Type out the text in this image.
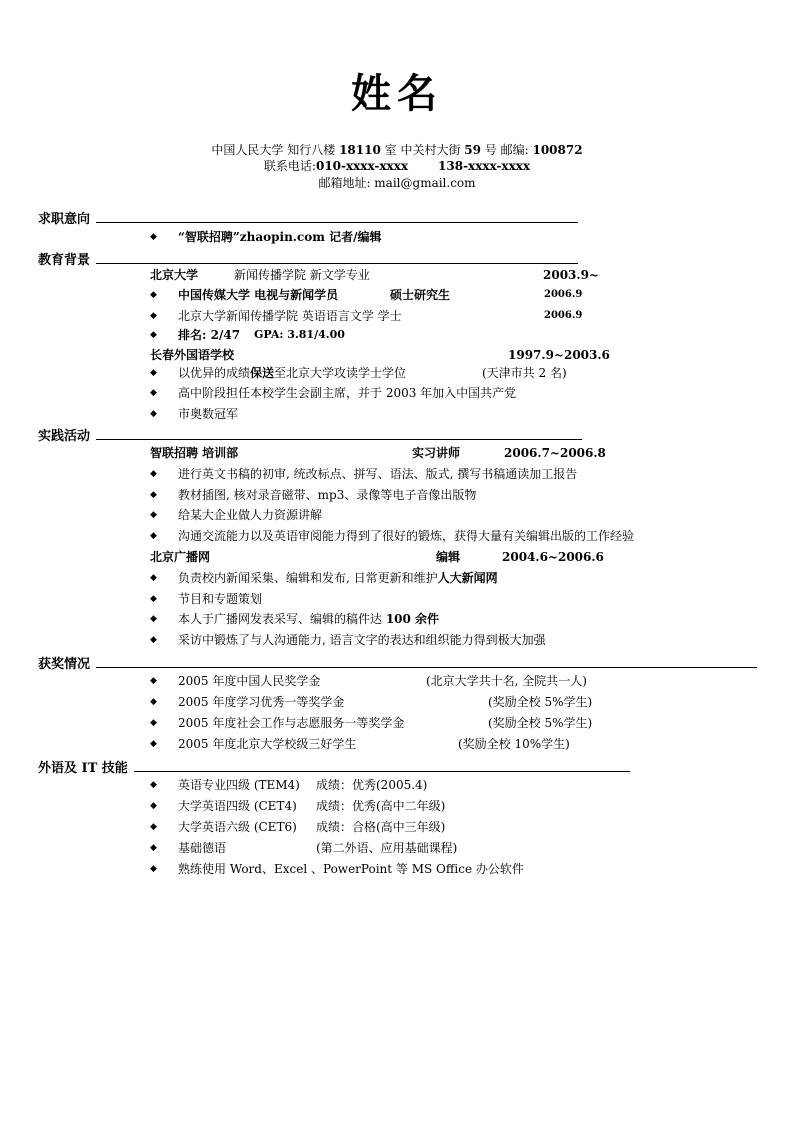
姓名
中国人民大学 知行八楼 18110 室 中关村大街 59 号 邮编: 100872
联系电话:010-xxxx-xxxx	138-xxxx-xxxx
邮箱地址: mail@gmail.com
求职意向
◆	“智联招聘”zhaopin.com 记者/编辑
教育背景
北京大学	新闻传播学院 新文学专业	2003.9~
◆	中国传媒大学 电视与新闻学员	硕士研究生	2006.9
◆	北京大学新闻传播学院 英语语言文学 学士	2006.9
◆	排名: 2/47 GPA: 3.81/4.00
长春外国语学校	1997.9~2003.6
◆	以优异的成绩保送至北京大学攻读学士学位	(天津市共 2 名)
◆	高中阶段担任本校学生会副主席，并于 2003 年加入中国共产党
◆	市奥数冠军
实践活动
智联招聘 培训部	实习讲师	2006.7~2006.8
◆	进行英文书稿的初审, 统改标点、拼写、语法、版式, 撰写书稿通读加工报告
◆	教材插图, 核对录音磁带、mp3、录像等电子音像出版物
◆	给某大企业做人力资源讲解
◆	沟通交流能力以及英语审阅能力得到了很好的锻炼，获得大量有关编辑出版的工作经验
北京广播网	编辑	2004.6~2006.6
◆	负责校内新闻采集、编辑和发布, 日常更新和维护人大新闻网
◆	节目和专题策划
◆	本人于广播网发表采写、编辑的稿件达 100 余件
◆	采访中锻炼了与人沟通能力, 语言文字的表达和组织能力得到极大加强
获奖情况
◆	2005 年度中国人民奖学金	(北京大学共十名, 全院共一人)
◆	2005 年度学习优秀一等奖学金	(奖励全校 5%学生)
◆	2005 年度社会工作与志愿服务一等奖学金	(奖励全校 5%学生)
◆	2005 年度北京大学校级三好学生	(奖励全校 10%学生)
外语及 IT 技能
◆	英语专业四级 (TEM4) 成绩：优秀(2005.4)
◆	大学英语四级 (CET4) 成绩：优秀(高中二年级)
◆	大学英语六级 (CET6) 成绩：合格(高中三年级)
◆	基础德语	(第二外语、应用基础课程)
◆	熟练使用 Word、Excel 、PowerPoint 等 MS Office 办公软件
